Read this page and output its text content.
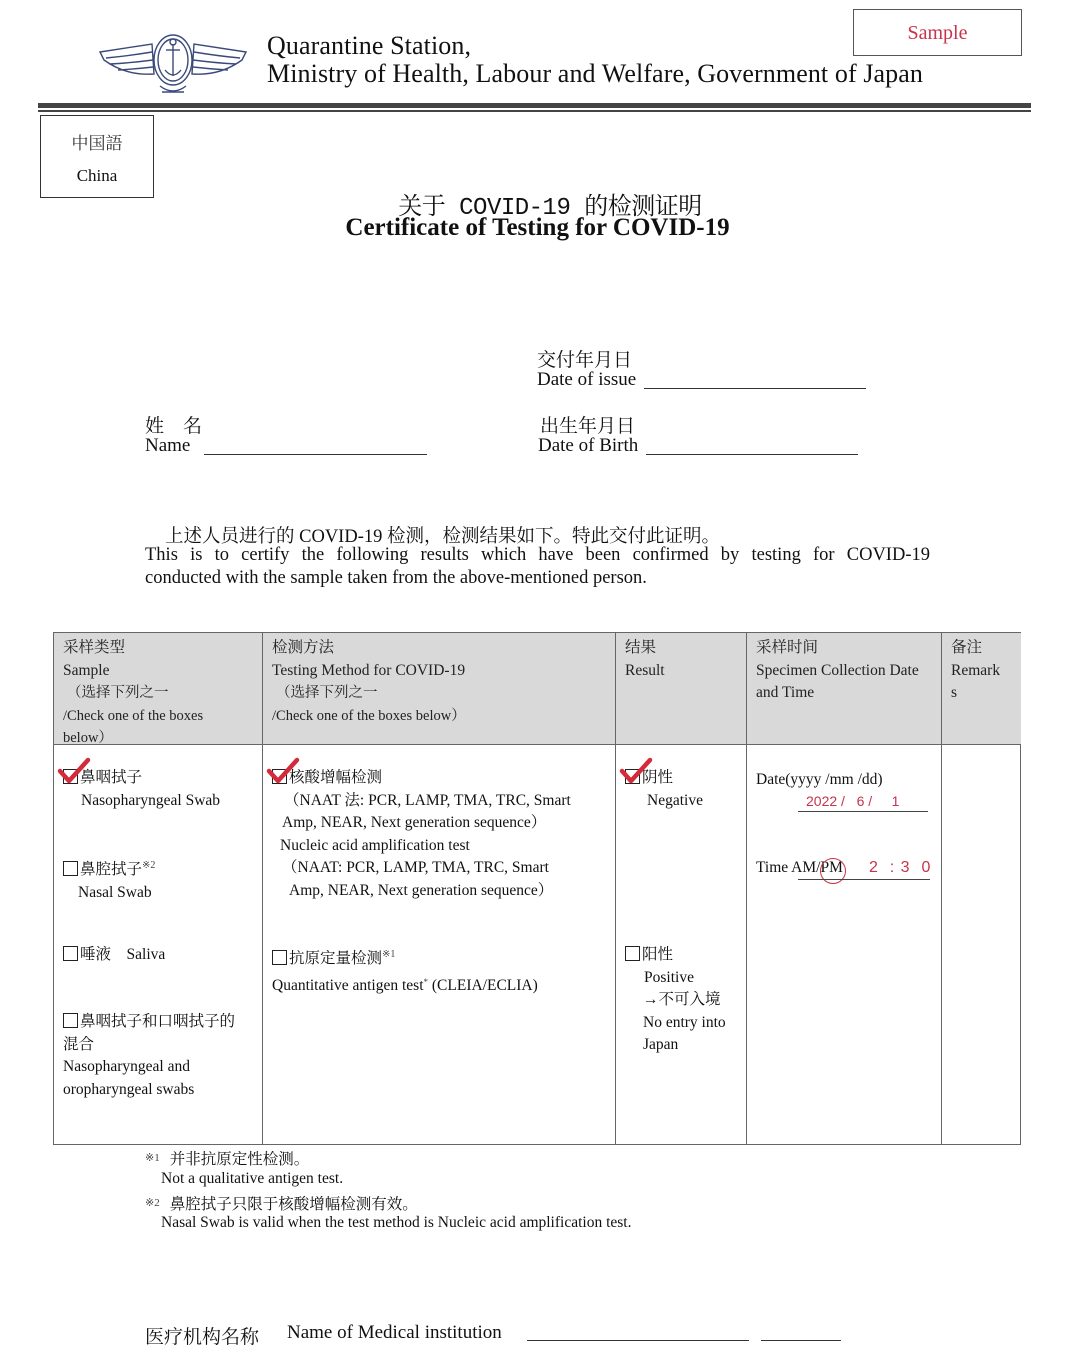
Quarantine Station,
Ministry of Health, Labour and Welfare, Government of Japan
Sample
中国語
China
关于 COVID-19 的检测证明
Certificate of Testing for COVID-19
交付年月日
Date of issue
姓　名
Name
出生年月日
Date of Birth
上述人员进行的 COVID-19 检测，检测结果如下。特此交付此证明。
This is to certify the following results which have been confirmed by testing for COVID-19
conducted with the sample taken from the above-mentioned person.
采样类型
Sample
（选择下列之一
/Check one of the boxes
below）
鼻咽拭子
Nasopharyngeal Swab
鼻腔拭子$^{※2}$
Nasal Swab
唾液 Saliva
鼻咽拭子和口咽拭子的
混合
Nasopharyngeal and
oropharyngeal swabs
检测方法
Testing Method for COVID-19
（选择下列之一
/Check one of the boxes below）
核酸增幅检测
（NAAT 法: PCR, LAMP, TMA, TRC, Smart
Amp, NEAR, Next generation sequence）
Nucleic acid amplification test
（NAAT: PCR, LAMP, TMA, TRC, Smart
Amp, NEAR, Next generation sequence）
抗原定量检测$^{※1}$
Quantitative antigen test* (CLEIA/ECLIA)
结果
Result
阴性
Negative
阳性
Positive
→不可入境
No entry into
Japan
采样时间
Specimen Collection Date
and Time
Date(yyyy /mm /dd)
2022 /   6 /     1
Time AM/PM 2  : 3  0
备注
Remark
s
※1 并非抗原定性检测。
Not a qualitative antigen test.
※2 鼻腔拭子只限于核酸增幅检测有效。
Nasal Swab is valid when the test method is Nucleic acid amplification test.
医疗机构名称 Name of Medical institution
